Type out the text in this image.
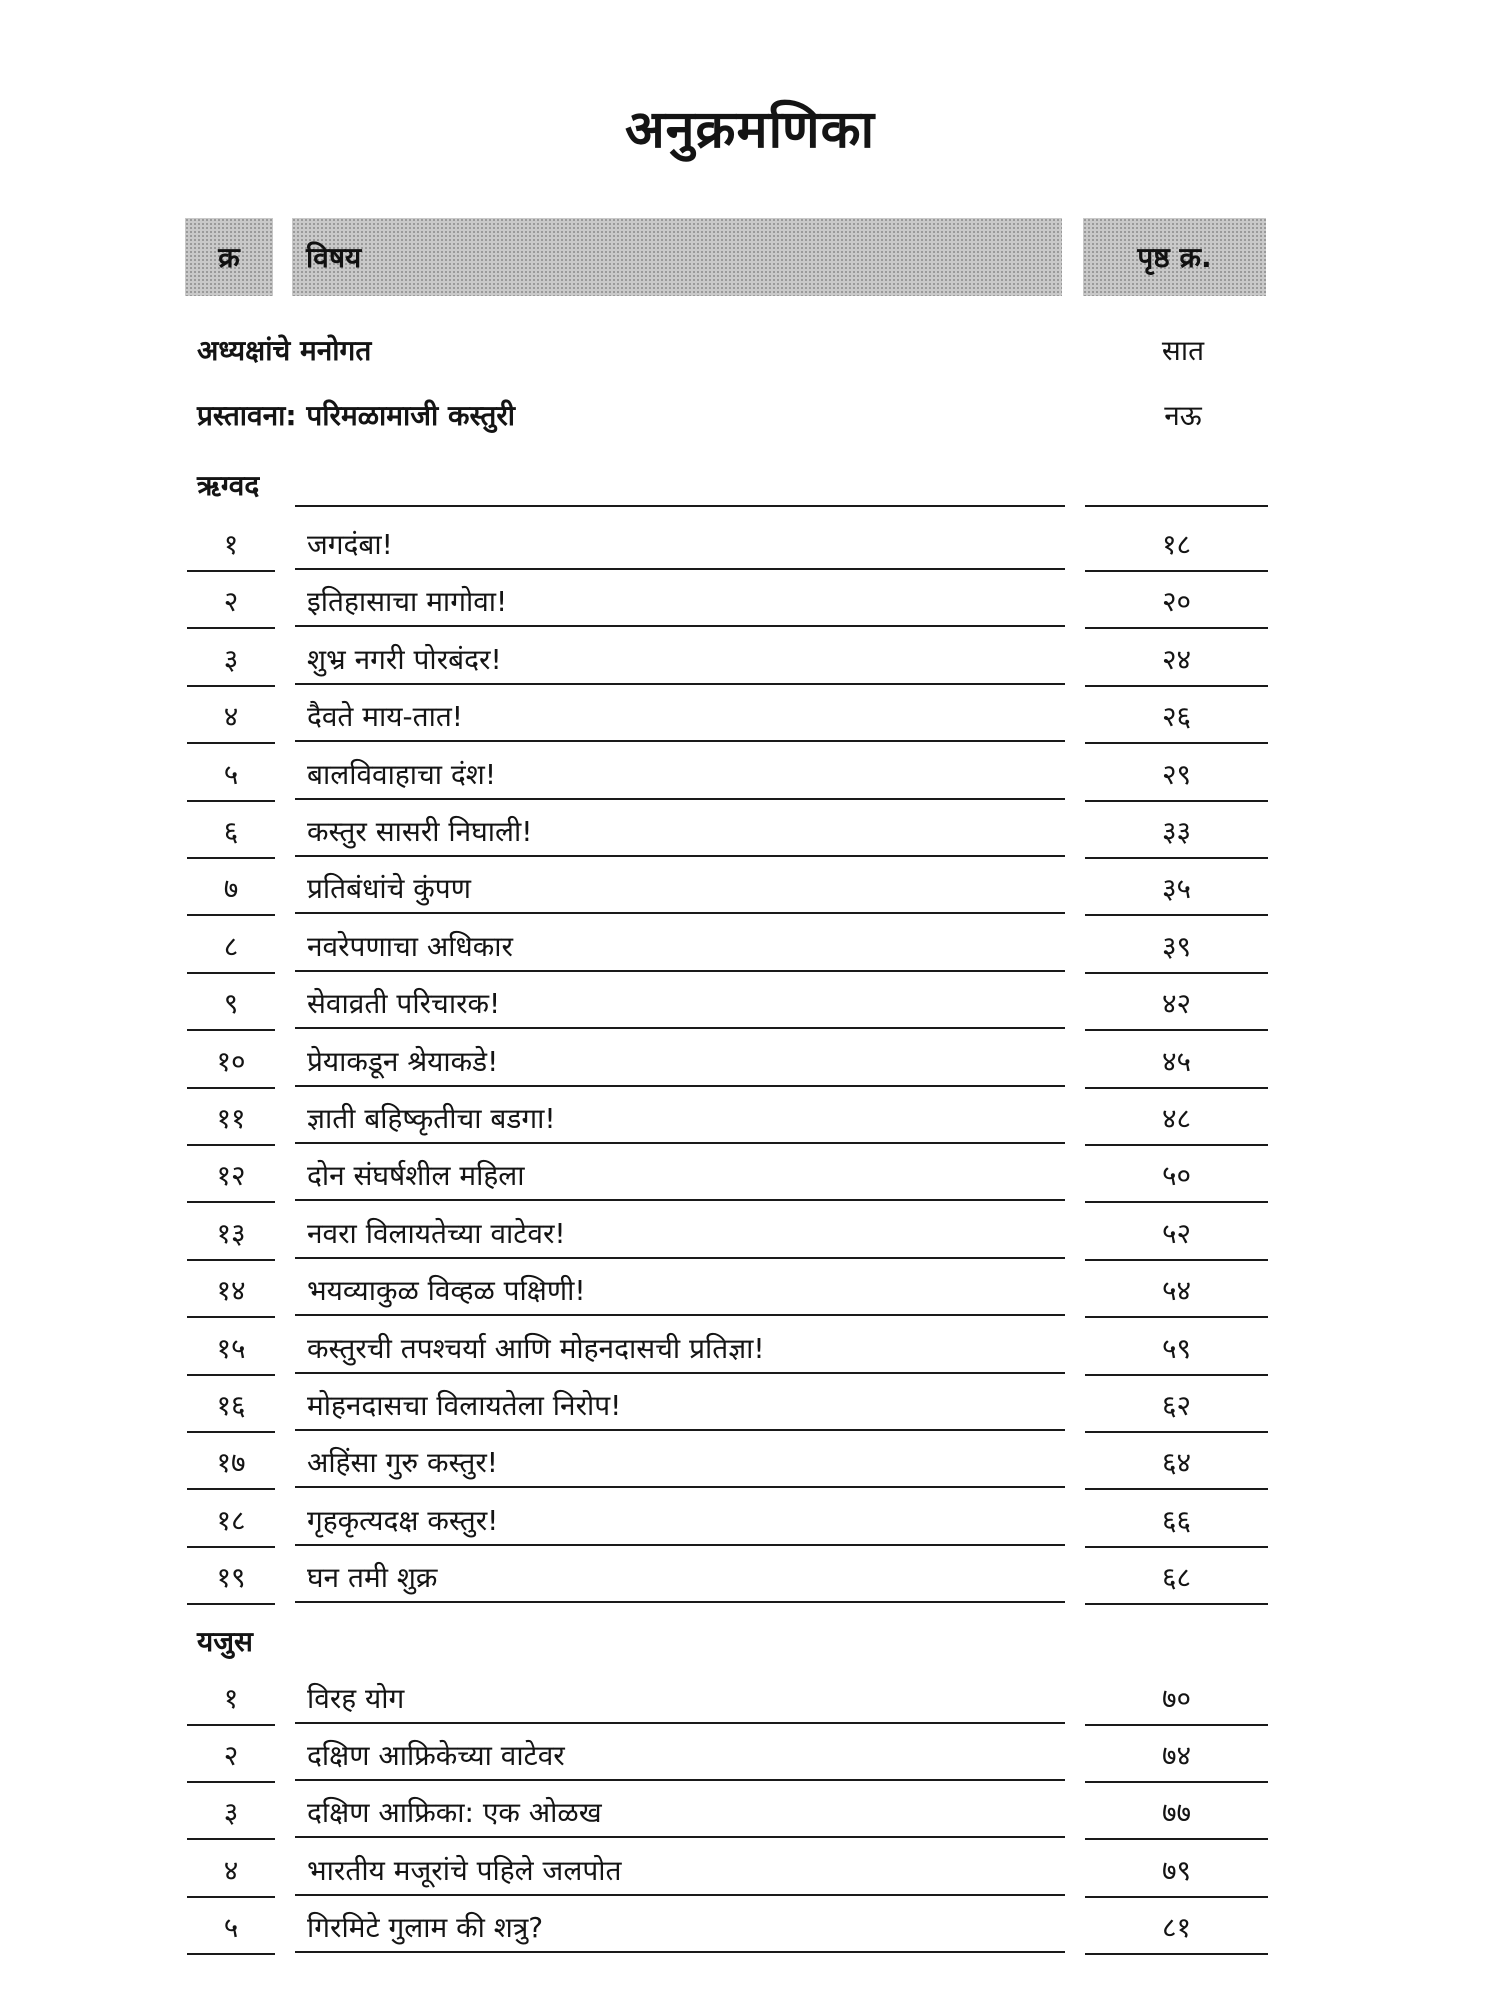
अनुक्रमणिका
क्र	विषय	पृष्ठ क्र.
अध्यक्षांचे मनोगत	सात
प्रस्तावना: परिमळामाजी कस्तुरी	नऊ
ऋग्वद
१	जगदंबा!	१८
२	इतिहासाचा मागोवा!	२०
३	शुभ्र नगरी पोरबंदर!	२४
४	दैवते माय-तात!	२६
५	बालविवाहाचा दंश!	२९
६	कस्तुर सासरी निघाली!	३३
७	प्रतिबंधांचे कुंपण	३५
८	नवरेपणाचा अधिकार	३९
९	सेवाव्रती परिचारक!	४२
१०	प्रेयाकडून श्रेयाकडे!	४५
११	ज्ञाती बहिष्कृतीचा बडगा!	४८
१२	दोन संघर्षशील महिला	५०
१३	नवरा विलायतेच्या वाटेवर!	५२
१४	भयव्याकुळ विव्हळ पक्षिणी!	५४
१५	कस्तुरची तपश्चर्या आणि मोहनदासची प्रतिज्ञा!	५९
१६	मोहनदासचा विलायतेला निरोप!	६२
१७	अहिंसा गुरु कस्तुर!	६४
१८	गृहकृत्यदक्ष कस्तुर!	६६
१९	घन तमी शुक्र	६८
यजुस
१	विरह योग	७०
२	दक्षिण आफ्रिकेच्या वाटेवर	७४
३	दक्षिण आफ्रिका: एक ओळख	७७
४	भारतीय मजूरांचे पहिले जलपोत	७९
५	गिरमिटे गुलाम की शत्रु?	८१
